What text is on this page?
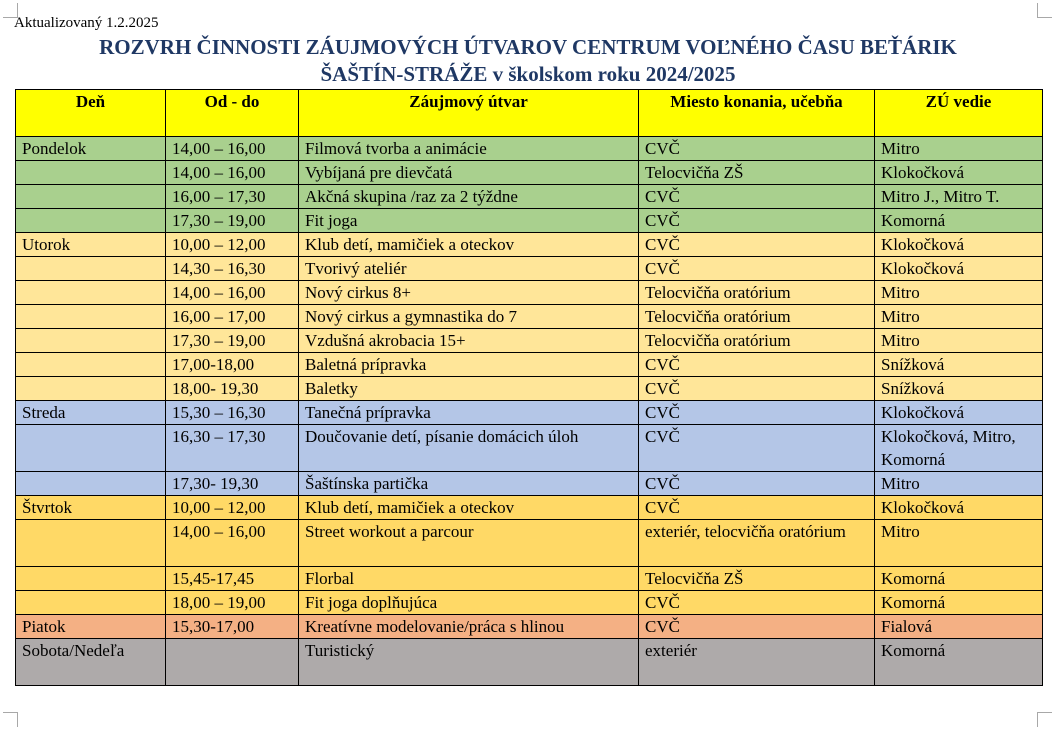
Aktualizovaný 1.2.2025
ROZVRH ČINNOSTI ZÁUJMOVÝCH ÚTVAROV CENTRUM VOĽNÉHO ČASU BEŤÁRIK
ŠAŠTÍN-STRÁŽE v školskom roku 2024/2025
Deň	Od - do	Záujmový útvar	Miesto konania, učebňa	ZÚ vedie
Pondelok	14,00 – 16,00	Filmová tvorba a animácie	CVČ	Mitro
	14,00 – 16,00	Vybíjaná pre dievčatá	Telocvičňa ZŠ	Klokočková
	16,00 – 17,30	Akčná skupina /raz za 2 týždne	CVČ	Mitro J., Mitro T.
	17,30 – 19,00	Fit joga	CVČ	Komorná
Utorok	10,00 – 12,00	Klub detí, mamičiek a oteckov	CVČ	Klokočková
	14,30 – 16,30	Tvorivý ateliér	CVČ	Klokočková
	14,00 – 16,00	Nový cirkus 8+	Telocvičňa oratórium	Mitro
	16,00 – 17,00	Nový cirkus a gymnastika do 7	Telocvičňa oratórium	Mitro
	17,30 – 19,00	Vzdušná akrobacia 15+	Telocvičňa oratórium	Mitro
	17,00-18,00	Baletná prípravka	CVČ	Snížková
	18,00- 19,30	Baletky	CVČ	Snížková
Streda	15,30 – 16,30	Tanečná prípravka	CVČ	Klokočková
	16,30 – 17,30	Doučovanie detí, písanie domácich úloh	CVČ	Klokočková, Mitro, Komorná
	17,30- 19,30	Šaštínska partička	CVČ	Mitro
Štvrtok	10,00 – 12,00	Klub detí, mamičiek a oteckov	CVČ	Klokočková
	14,00 – 16,00	Street workout a parcour	exteriér, telocvičňa oratórium	Mitro
	15,45-17,45	Florbal	Telocvičňa ZŠ	Komorná
	18,00 – 19,00	Fit joga doplňujúca	CVČ	Komorná
Piatok	15,30-17,00	Kreatívne modelovanie/práca s hlinou	CVČ	Fialová
Sobota/Nedeľa		Turistický	exteriér	Komorná
